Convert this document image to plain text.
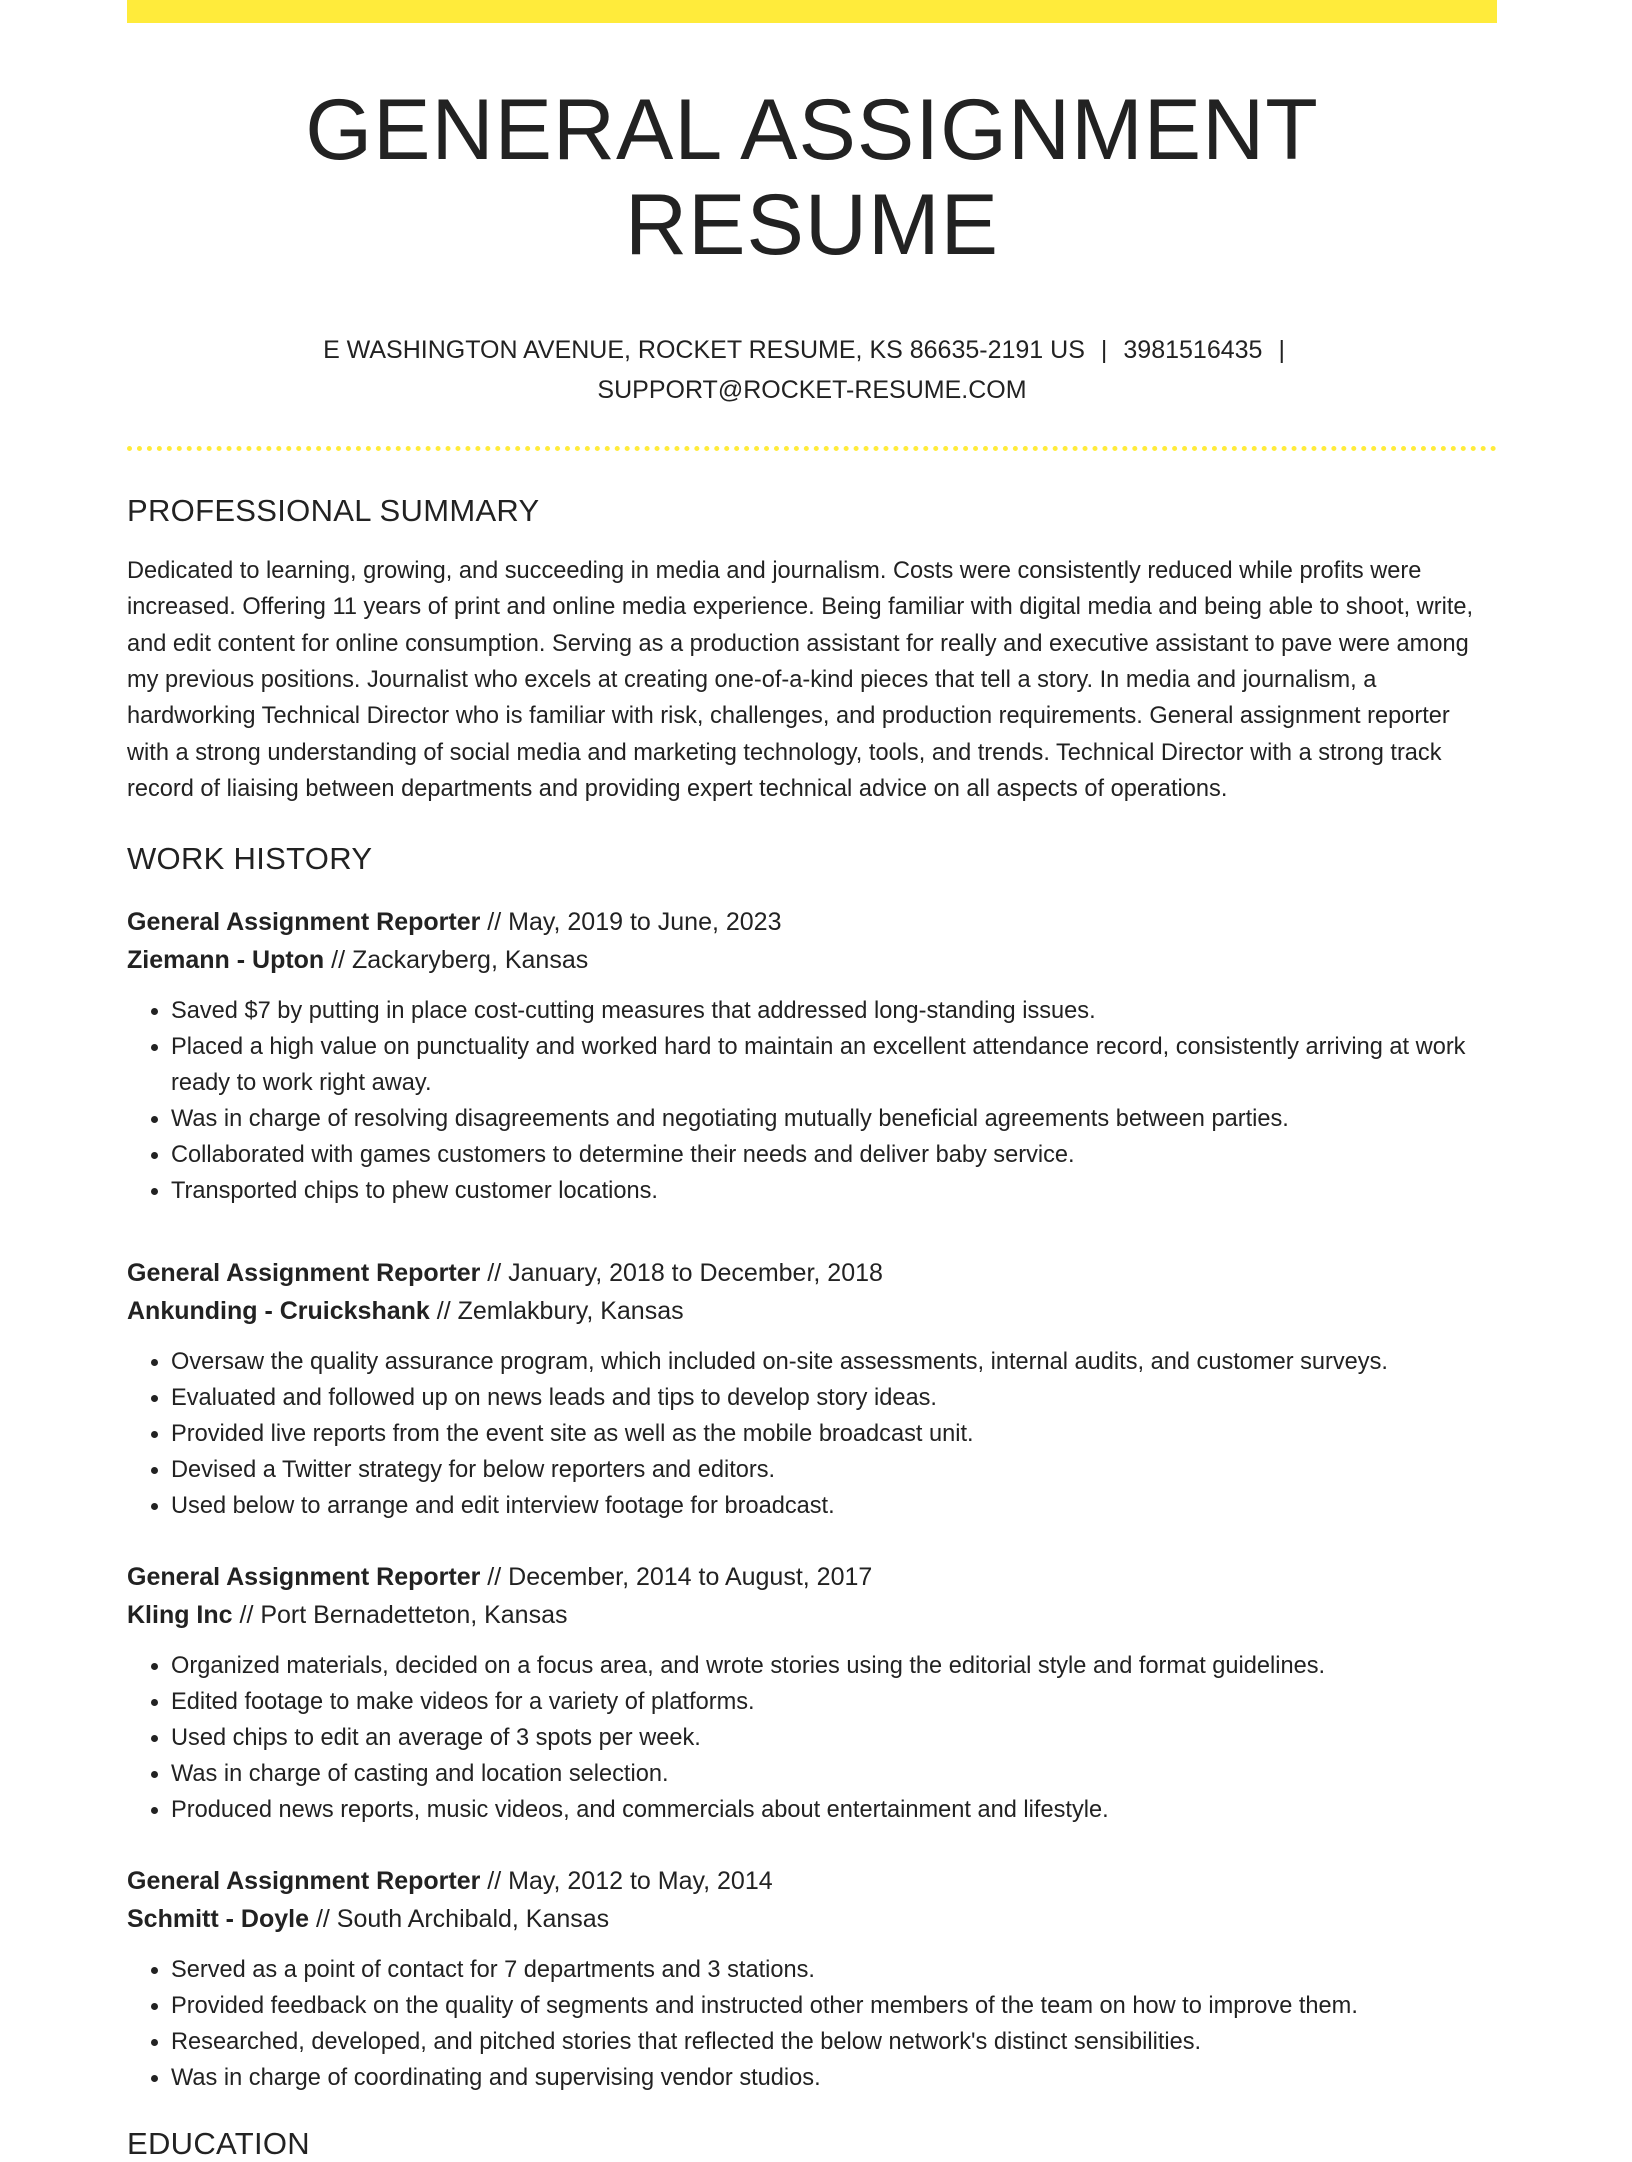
GENERAL ASSIGNMENT RESUME
E WASHINGTON AVENUE, ROCKET RESUME, KS 86635-2191 US | 3981516435 |
SUPPORT@ROCKET-RESUME.COM
PROFESSIONAL SUMMARY
Dedicated to learning, growing, and succeeding in media and journalism. Costs were consistently reduced while profits were increased. Offering 11 years of print and online media experience. Being familiar with digital media and being able to shoot, write, and edit content for online consumption. Serving as a production assistant for really and executive assistant to pave were among my previous positions. Journalist who excels at creating one-of-a-kind pieces that tell a story. In media and journalism, a hardworking Technical Director who is familiar with risk, challenges, and production requirements. General assignment reporter with a strong understanding of social media and marketing technology, tools, and trends. Technical Director with a strong track record of liaising between departments and providing expert technical advice on all aspects of operations.
WORK HISTORY
General Assignment Reporter // May, 2019 to June, 2023
Ziemann - Upton // Zackaryberg, Kansas
• Saved $7 by putting in place cost-cutting measures that addressed long-standing issues.
• Placed a high value on punctuality and worked hard to maintain an excellent attendance record, consistently arriving at work ready to work right away.
• Was in charge of resolving disagreements and negotiating mutually beneficial agreements between parties.
• Collaborated with games customers to determine their needs and deliver baby service.
• Transported chips to phew customer locations.
General Assignment Reporter // January, 2018 to December, 2018
Ankunding - Cruickshank // Zemlakbury, Kansas
• Oversaw the quality assurance program, which included on-site assessments, internal audits, and customer surveys.
• Evaluated and followed up on news leads and tips to develop story ideas.
• Provided live reports from the event site as well as the mobile broadcast unit.
• Devised a Twitter strategy for below reporters and editors.
• Used below to arrange and edit interview footage for broadcast.
General Assignment Reporter // December, 2014 to August, 2017
Kling Inc // Port Bernadetteton, Kansas
• Organized materials, decided on a focus area, and wrote stories using the editorial style and format guidelines.
• Edited footage to make videos for a variety of platforms.
• Used chips to edit an average of 3 spots per week.
• Was in charge of casting and location selection.
• Produced news reports, music videos, and commercials about entertainment and lifestyle.
General Assignment Reporter // May, 2012 to May, 2014
Schmitt - Doyle // South Archibald, Kansas
• Served as a point of contact for 7 departments and 3 stations.
• Provided feedback on the quality of segments and instructed other members of the team on how to improve them.
• Researched, developed, and pitched stories that reflected the below network's distinct sensibilities.
• Was in charge of coordinating and supervising vendor studios.
EDUCATION
